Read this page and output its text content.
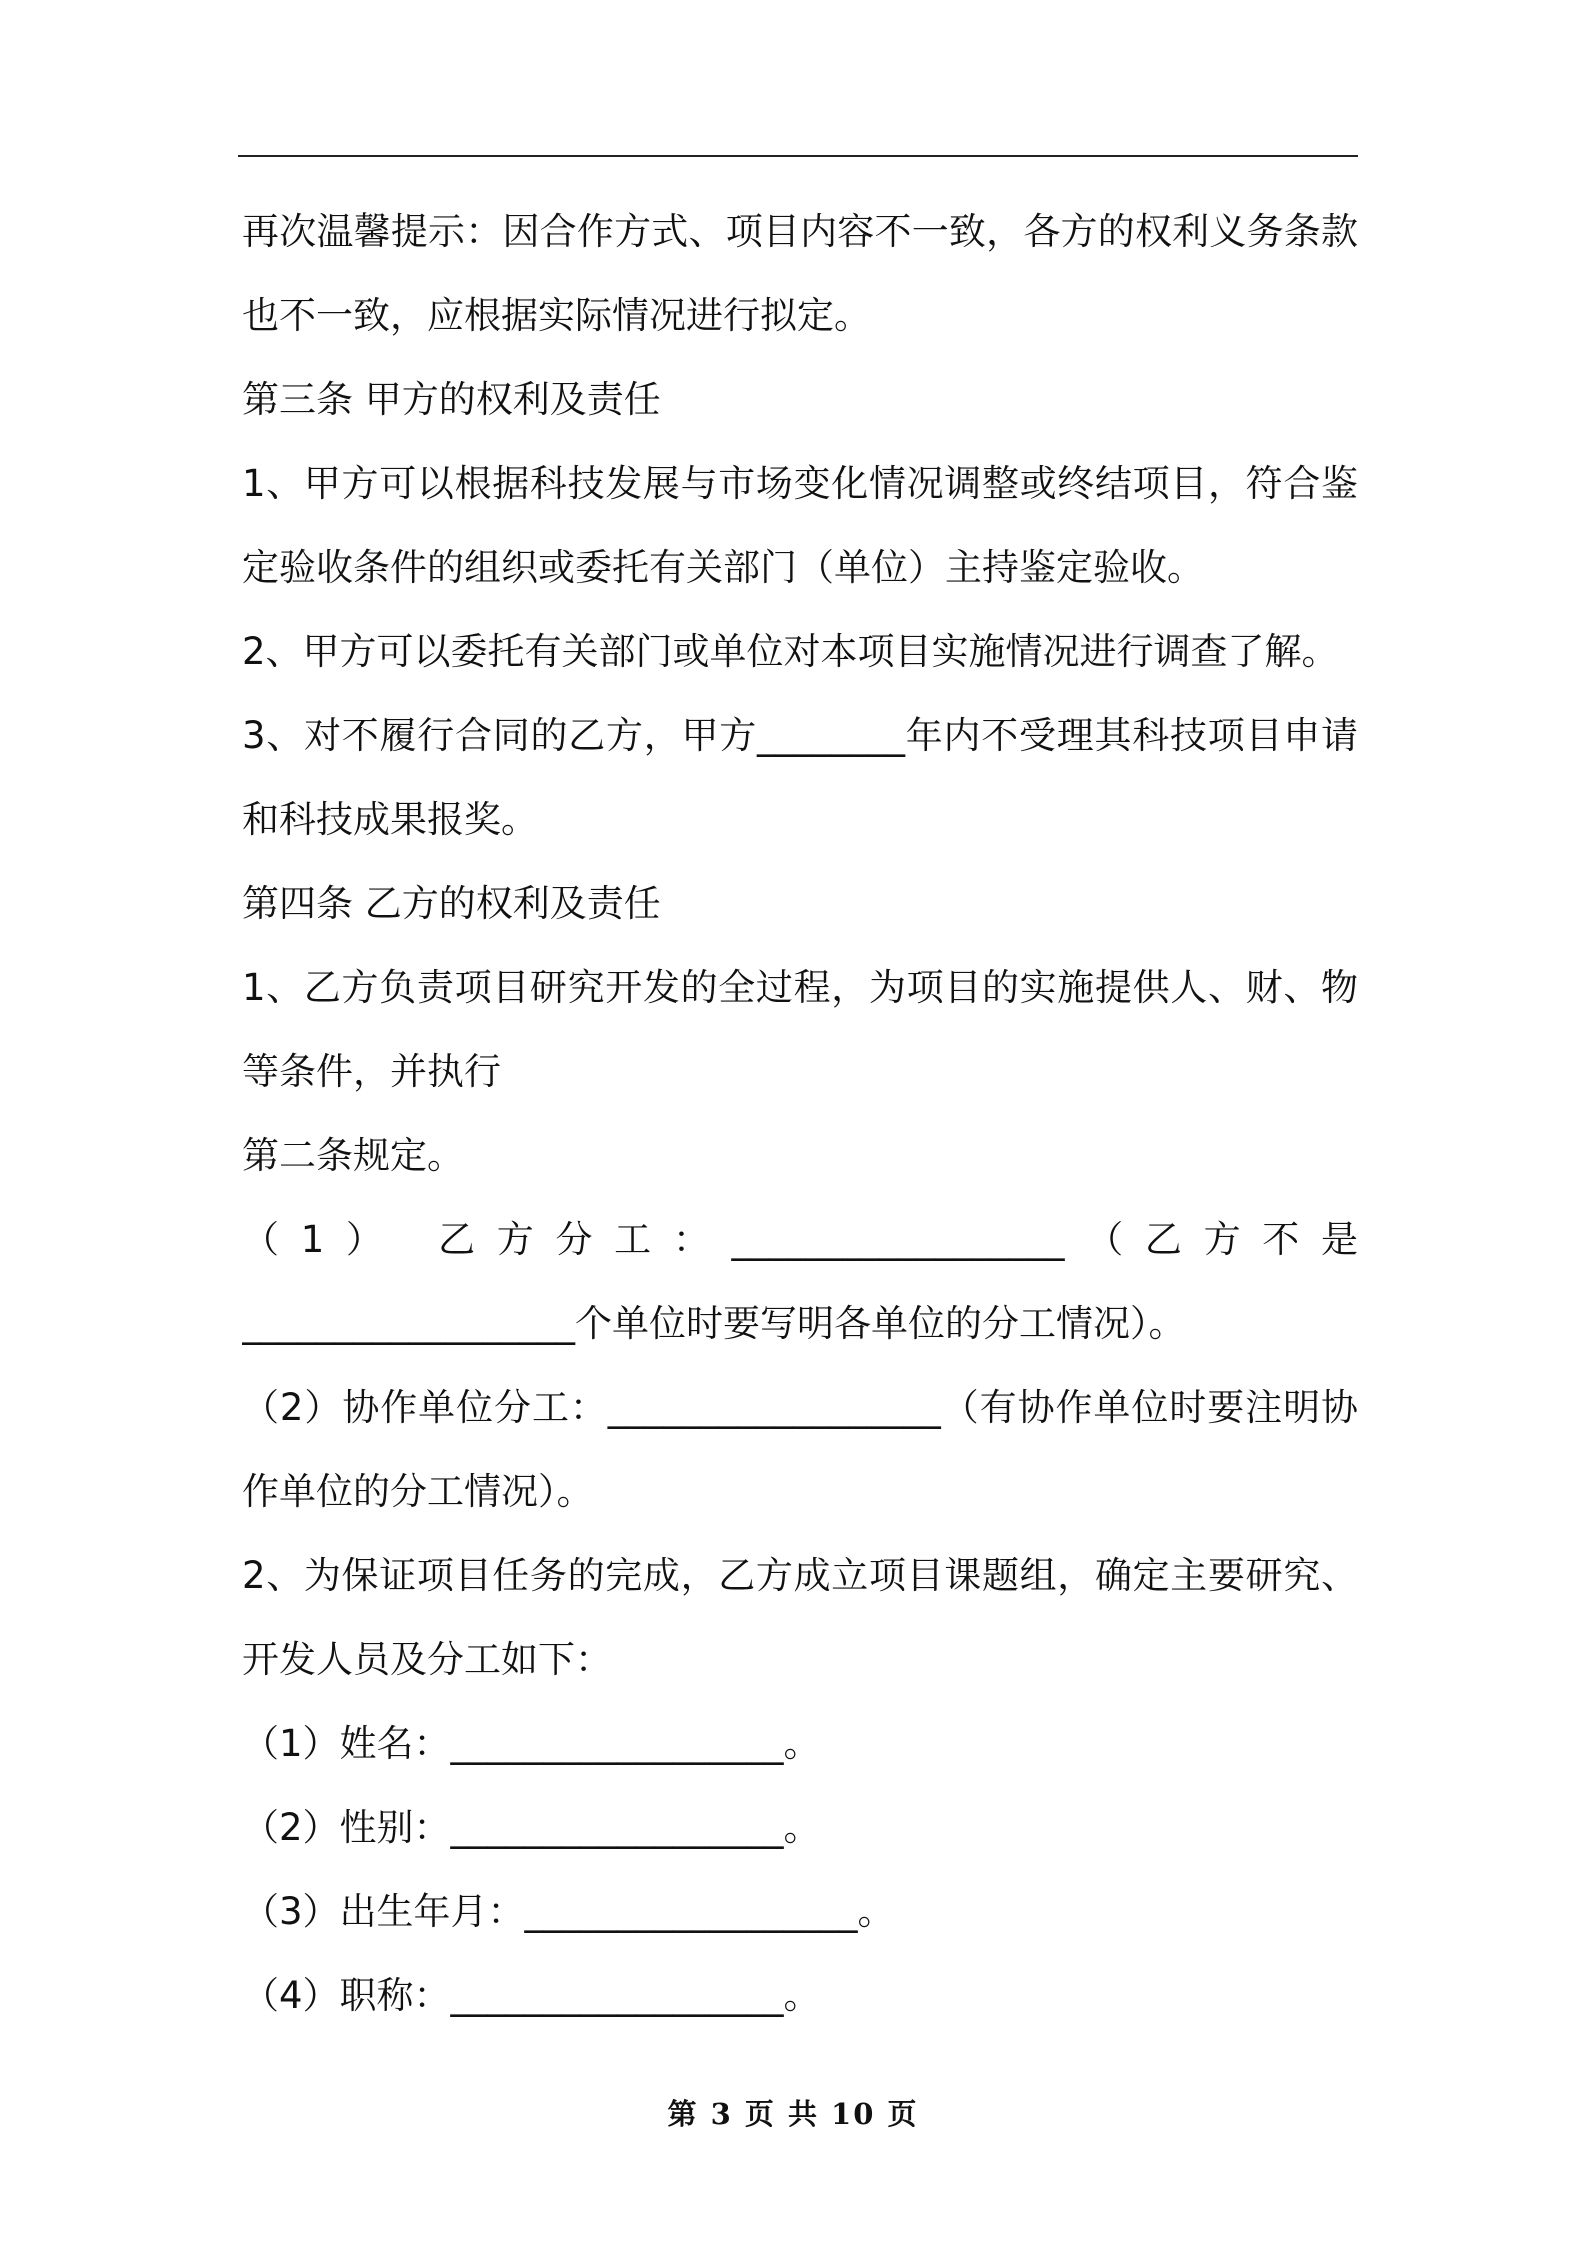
再次温馨提示：因合作方式、项目内容不一致，各方的权利义务条款
也不一致，应根据实际情况进行拟定。
第三条 甲方的权利及责任
1、甲方可以根据科技发展与市场变化情况调整或终结项目，符合鉴
定验收条件的组织或委托有关部门（单位）主持鉴定验收。
2、甲方可以委托有关部门或单位对本项目实施情况进行调查了解。
3、对不履行合同的乙方，甲方________年内不受理其科技项目申请
和科技成果报奖。
第四条 乙方的权利及责任
1、乙方负责项目研究开发的全过程，为项目的实施提供人、财、物
等条件，并执行
第二条规定。
（1） 乙方分工：__________________（乙方不是
__________________个单位时要写明各单位的分工情况）。
（2）协作单位分工：__________________（有协作单位时要注明协
作单位的分工情况）。
2、为保证项目任务的完成，乙方成立项目课题组，确定主要研究、
开发人员及分工如下：
（1）姓名：__________________。
（2）性别：__________________。
（3）出生年月：__________________。
（4）职称：__________________。
第 3 页 共 10 页
